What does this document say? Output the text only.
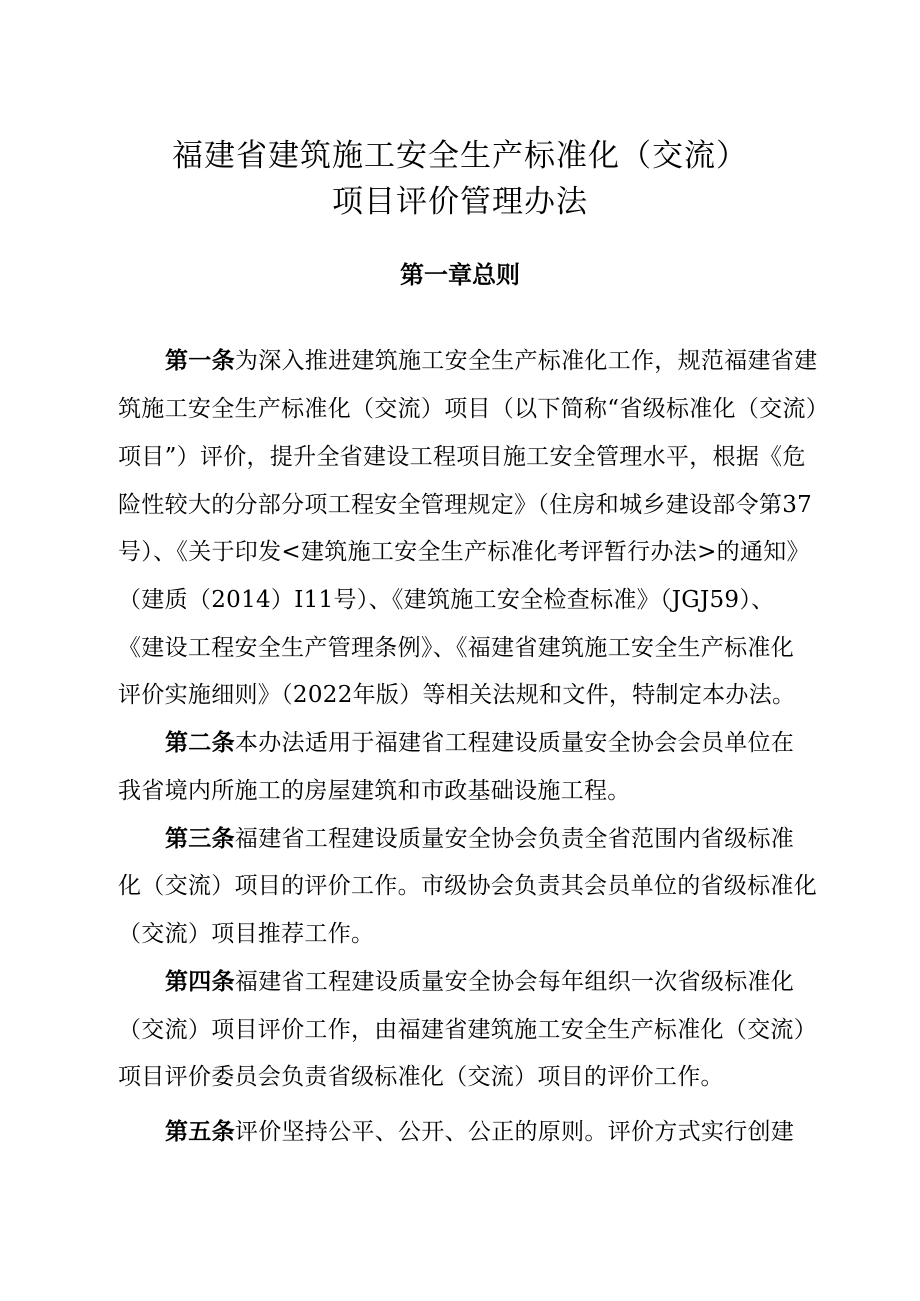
福建省建筑施工安全生产标准化（交流）
项目评价管理办法
第一章总则
第一条为深入推进建筑施工安全生产标准化工作，规范福建省建
筑施工安全生产标准化（交流）项目（以下简称“省级标准化（交流）
项目”）评价，提升全省建设工程项目施工安全管理水平，根据《危
险性较大的分部分项工程安全管理规定》（住房和城乡建设部令第37
号）、《关于印发<建筑施工安全生产标准化考评暂行办法>的通知》
（建质（2014）I11号）、《建筑施工安全检查标准》（JGJ59）、
《建设工程安全生产管理条例》、《福建省建筑施工安全生产标准化
评价实施细则》（2022年版）等相关法规和文件，特制定本办法。
第二条本办法适用于福建省工程建设质量安全协会会员单位在
我省境内所施工的房屋建筑和市政基础设施工程。
第三条福建省工程建设质量安全协会负责全省范围内省级标准
化（交流）项目的评价工作。市级协会负责其会员单位的省级标准化
（交流）项目推荐工作。
第四条福建省工程建设质量安全协会每年组织一次省级标准化
（交流）项目评价工作，由福建省建筑施工安全生产标准化（交流）
项目评价委员会负责省级标准化（交流）项目的评价工作。
第五条评价坚持公平、公开、公正的原则。评价方式实行创建
